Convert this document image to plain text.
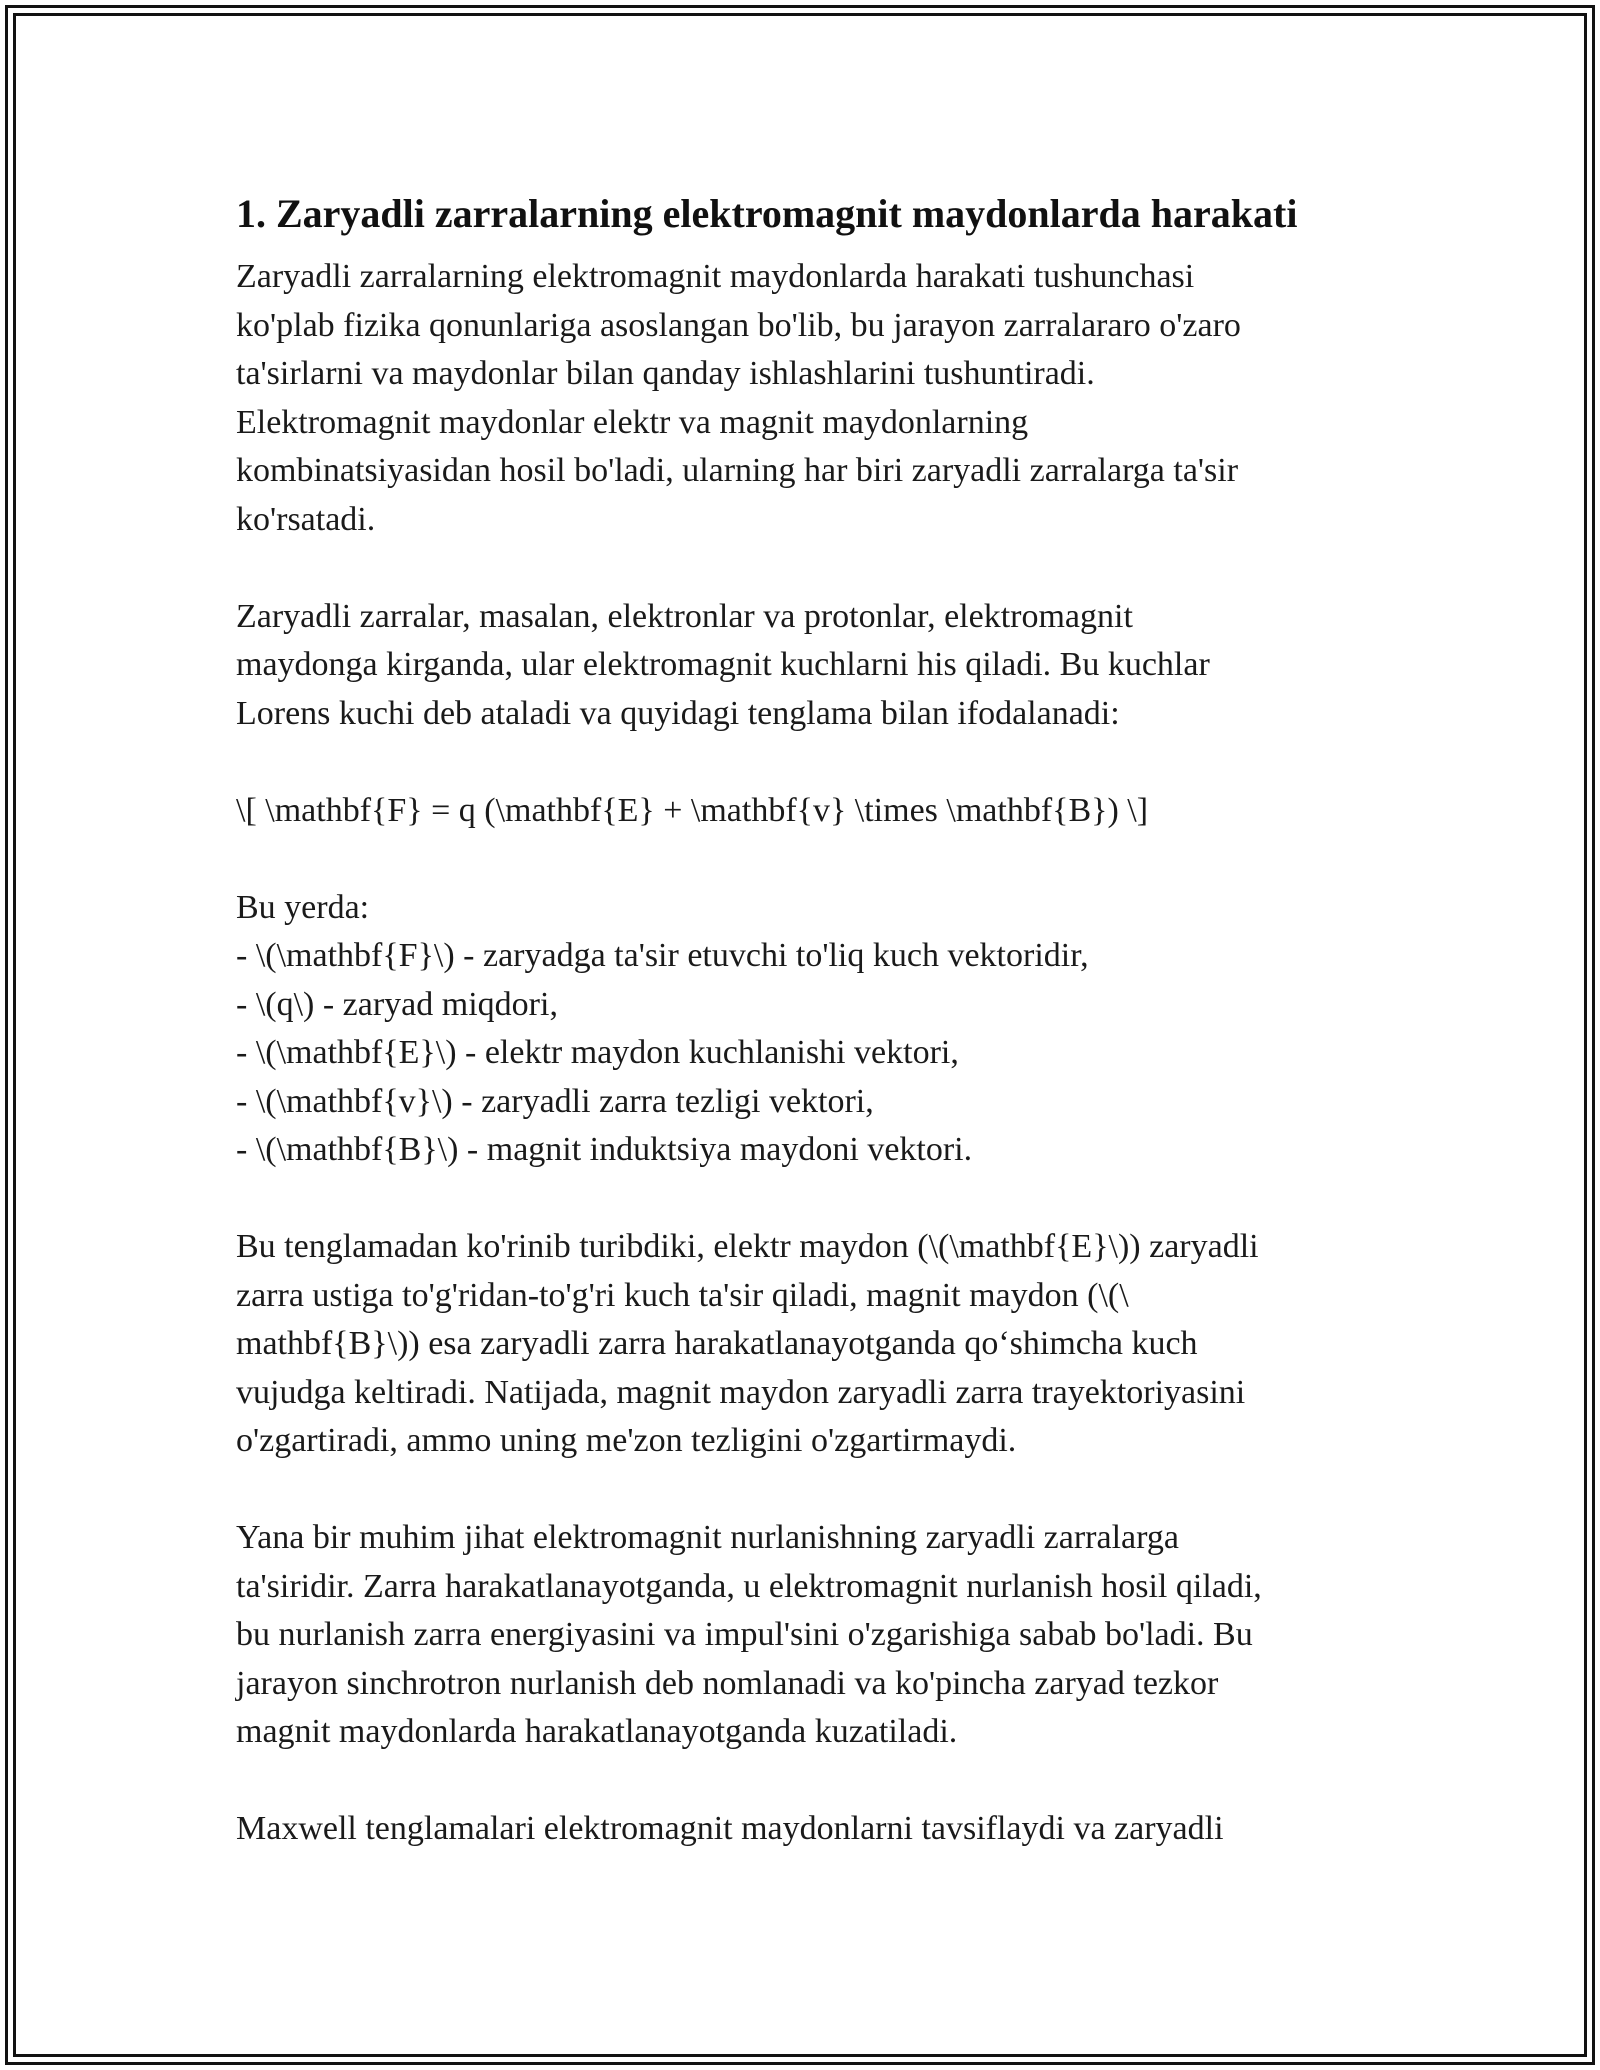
1. Zaryadli zarralarning elektromagnit maydonlarda harakati

Zaryadli zarralarning elektromagnit maydonlarda harakati tushunchasi
ko'plab fizika qonunlariga asoslangan bo'lib, bu jarayon zarralararo o'zaro
ta'sirlarni va maydonlar bilan qanday ishlashlarini tushuntiradi.
Elektromagnit maydonlar elektr va magnit maydonlarning
kombinatsiyasidan hosil bo'ladi, ularning har biri zaryadli zarralarga ta'sir
ko'rsatadi.

Zaryadli zarralar, masalan, elektronlar va protonlar, elektromagnit
maydonga kirganda, ular elektromagnit kuchlarni his qiladi. Bu kuchlar
Lorens kuchi deb ataladi va quyidagi tenglama bilan ifodalanadi:

\[ \mathbf{F} = q (\mathbf{E} + \mathbf{v} \times \mathbf{B}) \]

Bu yerda:
- \(\mathbf{F}\) - zaryadga ta'sir etuvchi to'liq kuch vektoridir,
- \(q\) - zaryad miqdori,
- \(\mathbf{E}\) - elektr maydon kuchlanishi vektori,
- \(\mathbf{v}\) - zaryadli zarra tezligi vektori,
- \(\mathbf{B}\) - magnit induktsiya maydoni vektori.

Bu tenglamadan ko'rinib turibdiki, elektr maydon (\(\mathbf{E}\)) zaryadli
zarra ustiga to'g'ridan-to'g'ri kuch ta'sir qiladi, magnit maydon (\(\
mathbf{B}\)) esa zaryadli zarra harakatlanayotganda qo‘shimcha kuch
vujudga keltiradi. Natijada, magnit maydon zaryadli zarra trayektoriyasini
o'zgartiradi, ammo uning me'zon tezligini o'zgartirmaydi.

Yana bir muhim jihat elektromagnit nurlanishning zaryadli zarralarga
ta'siridir. Zarra harakatlanayotganda, u elektromagnit nurlanish hosil qiladi,
bu nurlanish zarra energiyasini va impul'sini o'zgarishiga sabab bo'ladi. Bu
jarayon sinchrotron nurlanish deb nomlanadi va ko'pincha zaryad tezkor
magnit maydonlarda harakatlanayotganda kuzatiladi.

Maxwell tenglamalari elektromagnit maydonlarni tavsiflaydi va zaryadli
